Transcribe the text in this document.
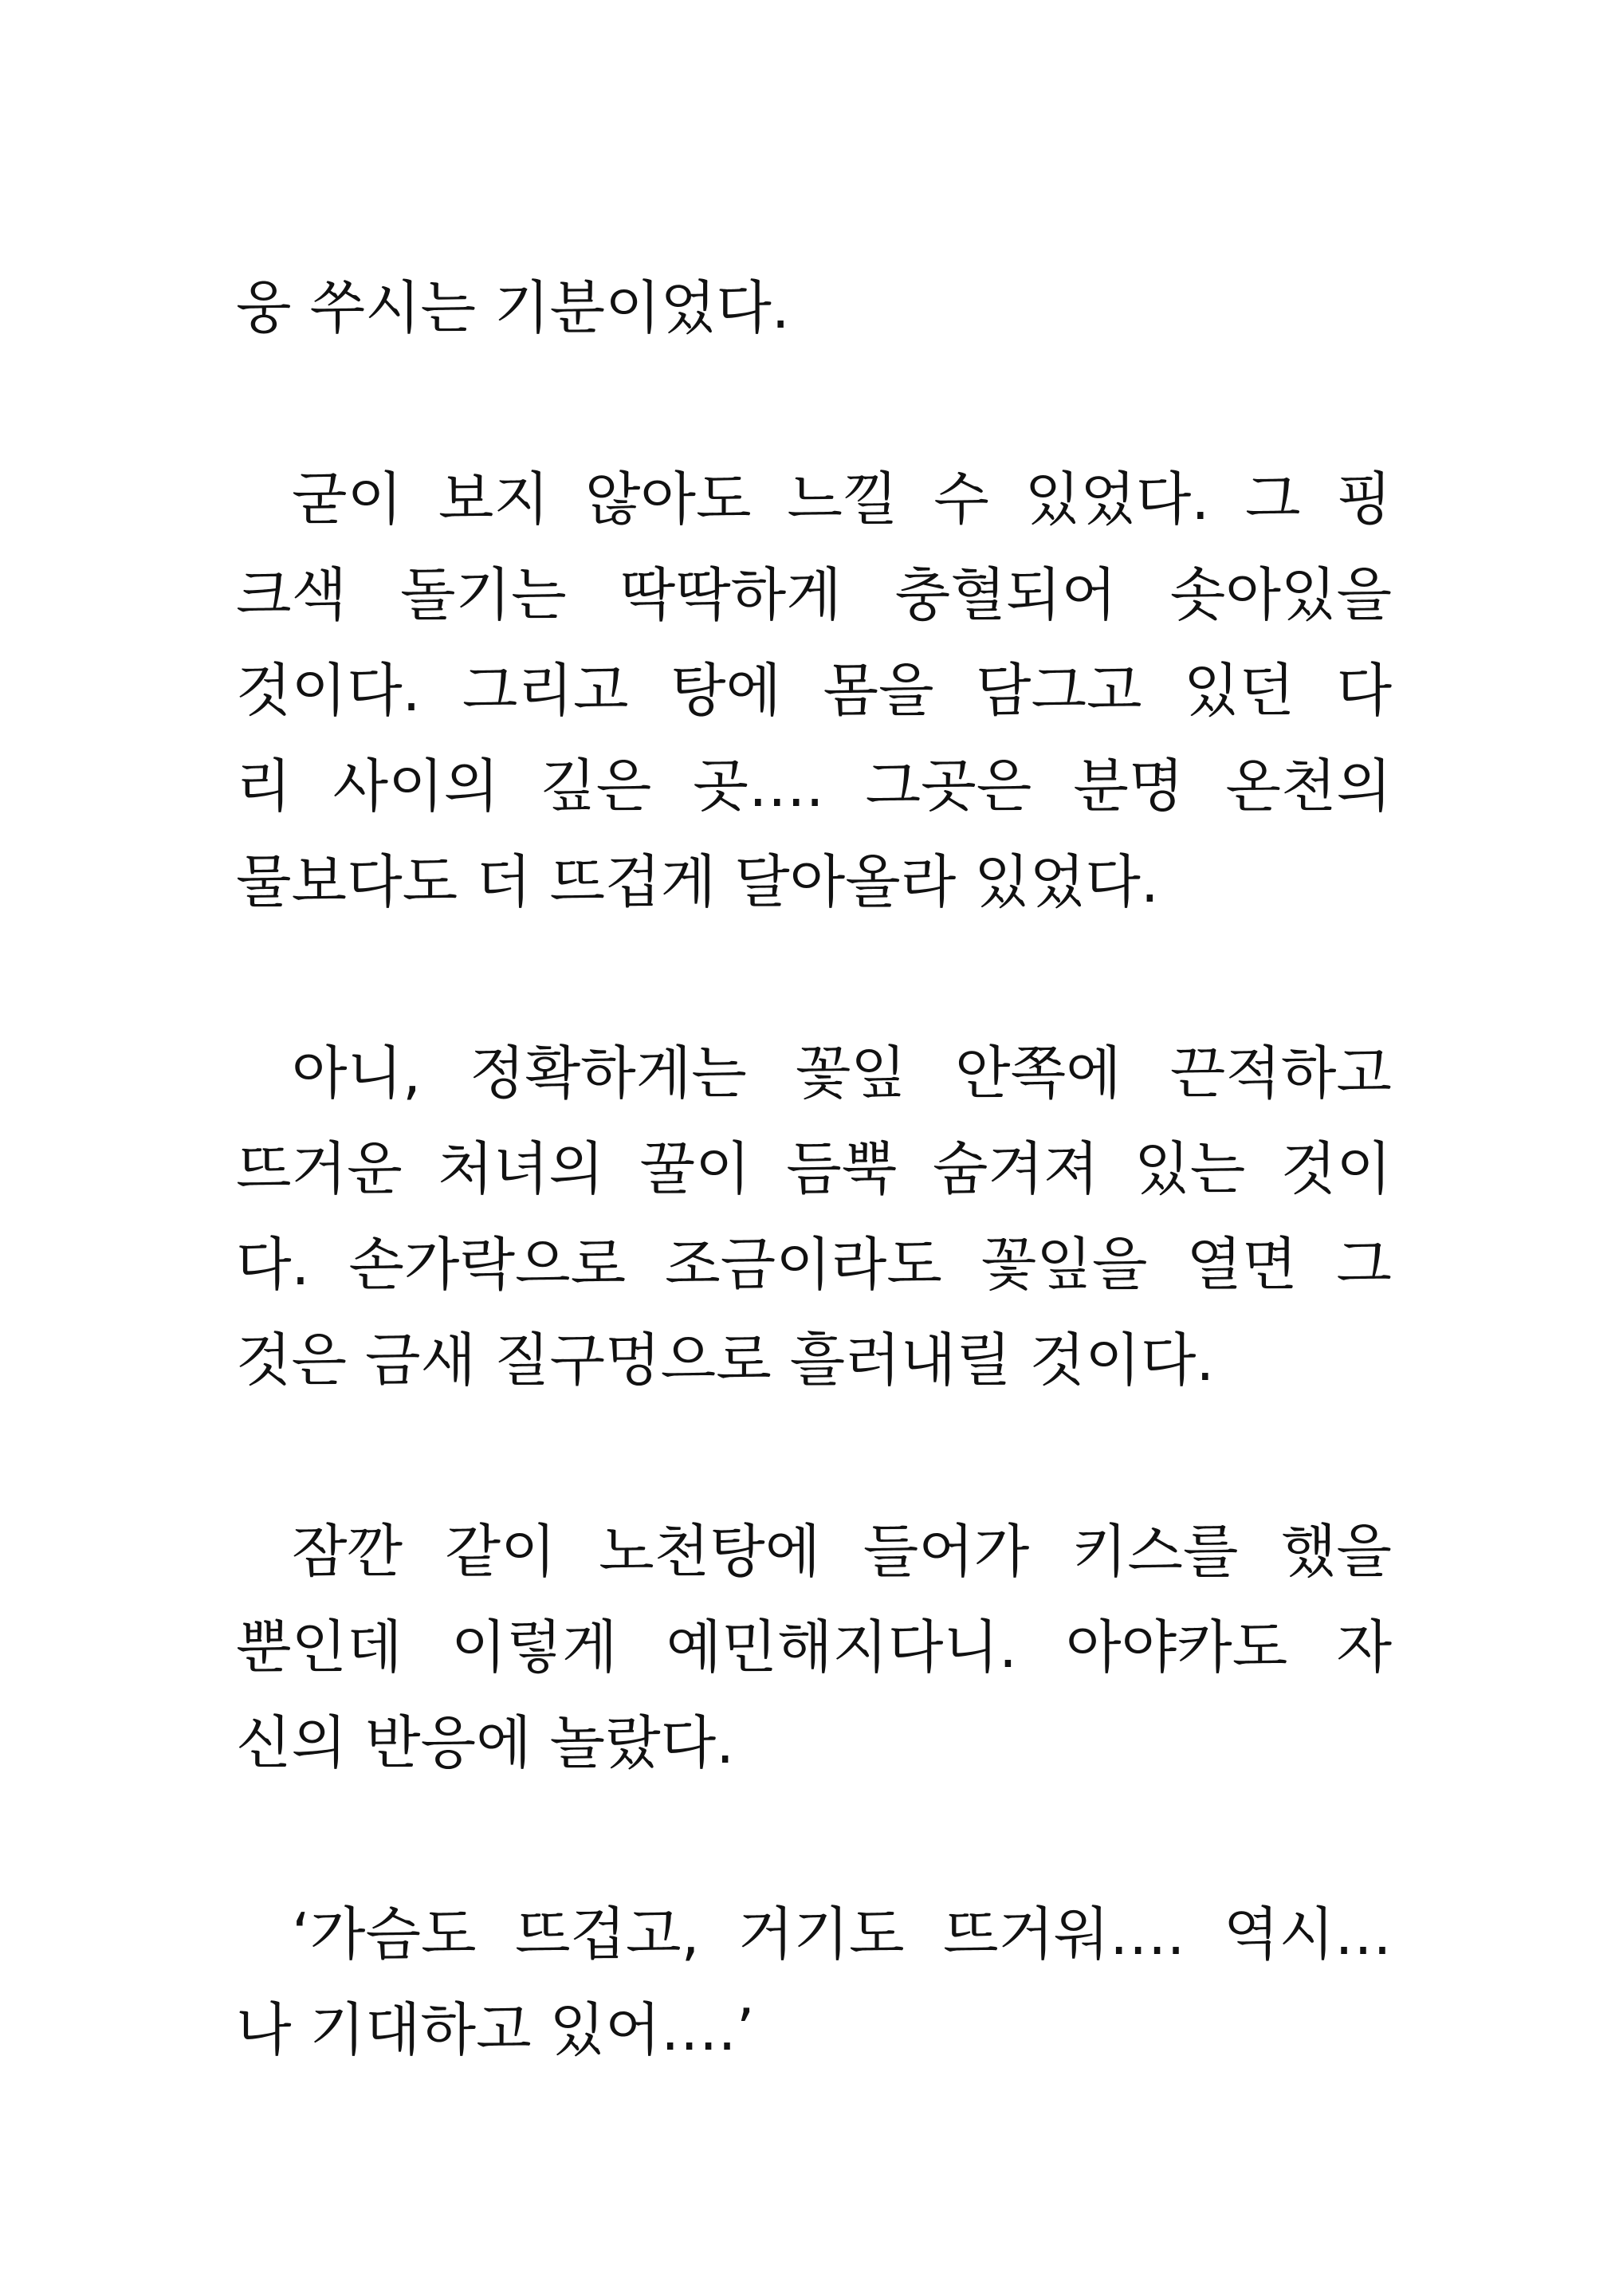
웅 쑤시는 기분이었다.

굳이 보지 않아도 느낄 수 있었다. 그 핑

크색 돌기는 딱딱하게 충혈되어 솟아있을

것이다. 그리고 탕에 몸을 담그고 있던 다

리 사이의 깊은 곳…. 그곳은 분명 온천의

물보다도 더 뜨겁게 달아올라 있었다.

아니, 정확하게는 꽃잎 안쪽에 끈적하고

뜨거운 처녀의 꿀이 듬뿍 숨겨져 있는 것이

다. 손가락으로 조금이라도 꽃잎을 열면 그

것은 금새 질구멍으로 흘러내릴 것이다.

잠깐 같이 노천탕에 들어가 키스를 했을

뿐인데 이렇게 예민해지다니. 아야카도 자

신의 반응에 놀랐다.

‘가슴도 뜨겁고, 거기도 뜨거워…. 역시…

나 기대하고 있어….’
